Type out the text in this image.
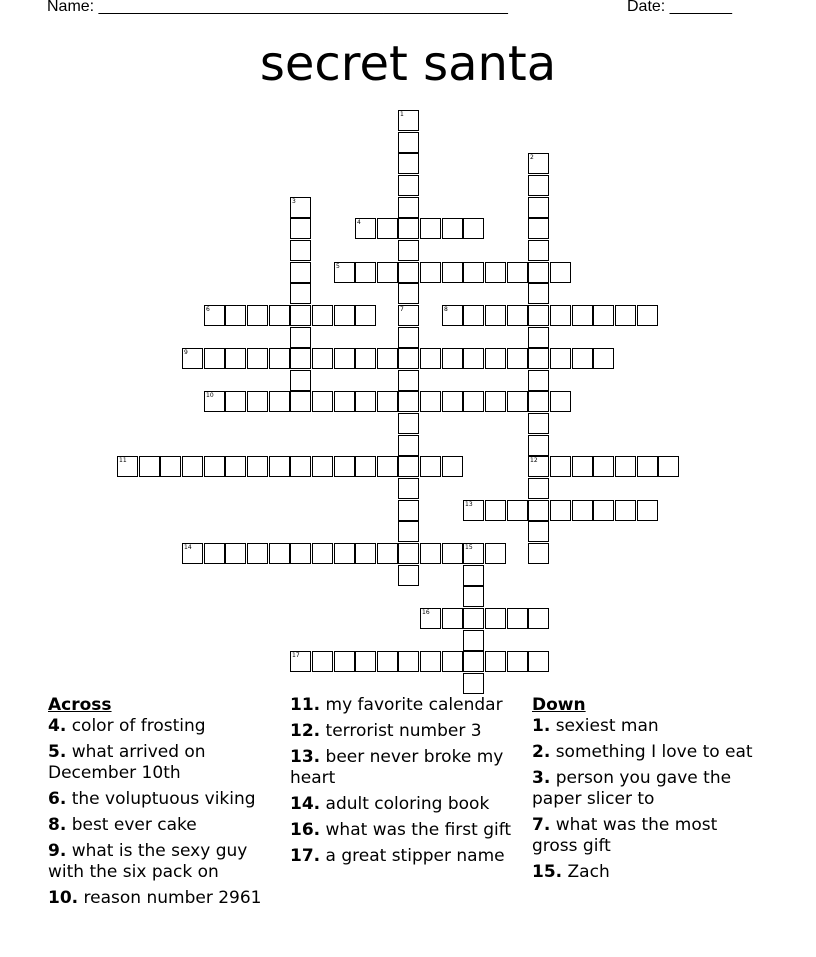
Name: ______________________________________________	Date: _______
secret santa
1
7
2
12
3
4
5
6	8
9
10
11
13
14	15
16
17
Across
4. color of frosting
5. what arrived on December 10th
6. the voluptuous viking
8. best ever cake
9. what is the sexy guy with the six pack on
10. reason number 2961
11. my favorite calendar
12. terrorist number 3
13. beer never broke my heart
14. adult coloring book
16. what was the first gift
17. a great stipper name
Down
1. sexiest man
2. something I love to eat
3. person you gave the paper slicer to
7. what was the most gross gift
15. Zach
